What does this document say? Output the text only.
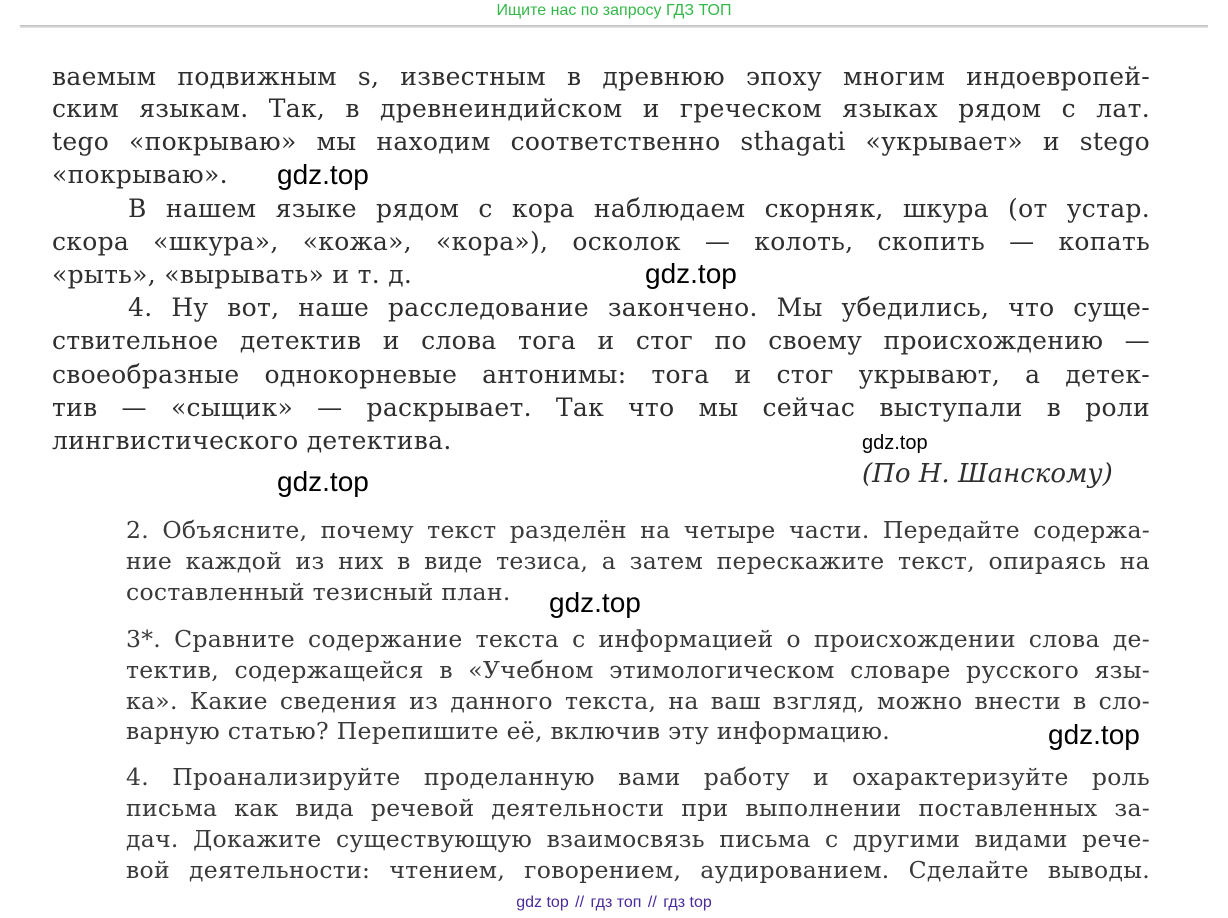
Ищите нас по запросу ГДЗ ТОП
ваемым подвижным s, известным в древнюю эпоху многим индоевропей-
ским языкам. Так, в древнеиндийском и греческом языках рядом с лат.
tego «покрываю» мы находим соответственно sthagati «укрывает» и stego
«покрываю».
В нашем языке рядом с кора наблюдаем скорняк, шкура (от устар.
скора «шкура», «кожа», «кора»), осколок — колоть, скопить — копать
«рыть», «вырывать» и т. д.
4. Ну вот, наше расследование закончено. Мы убедились, что суще-
ствительное детектив и слова тога и стог по своему происхождению —
своеобразные однокорневые антонимы: тога и стог укрывают, а детек-
тив — «сыщик» — раскрывает. Так что мы сейчас выступали в роли
лингвистического детектива.
(По Н. Шанскому)
2. Объясните, почему текст разделён на четыре части. Передайте содержа-
ние каждой из них в виде тезиса, а затем перескажите текст, опираясь на
составленный тезисный план.
3*. Сравните содержание текста с информацией о происхождении слова де-
тектив, содержащейся в «Учебном этимологическом словаре русского язы-
ка». Какие сведения из данного текста, на ваш взгляд, можно внести в сло-
варную статью? Перепишите её, включив эту информацию.
4. Проанализируйте проделанную вами работу и охарактеризуйте роль
письма как вида речевой деятельности при выполнении поставленных за-
дач. Докажите существующую взаимосвязь письма с другими видами рече-
вой деятельности: чтением, говорением, аудированием. Сделайте выводы.
gdz.top
gdz.top
gdz.top
gdz.top
gdz.top
gdz.top
gdz top // гдз топ // гдз top
